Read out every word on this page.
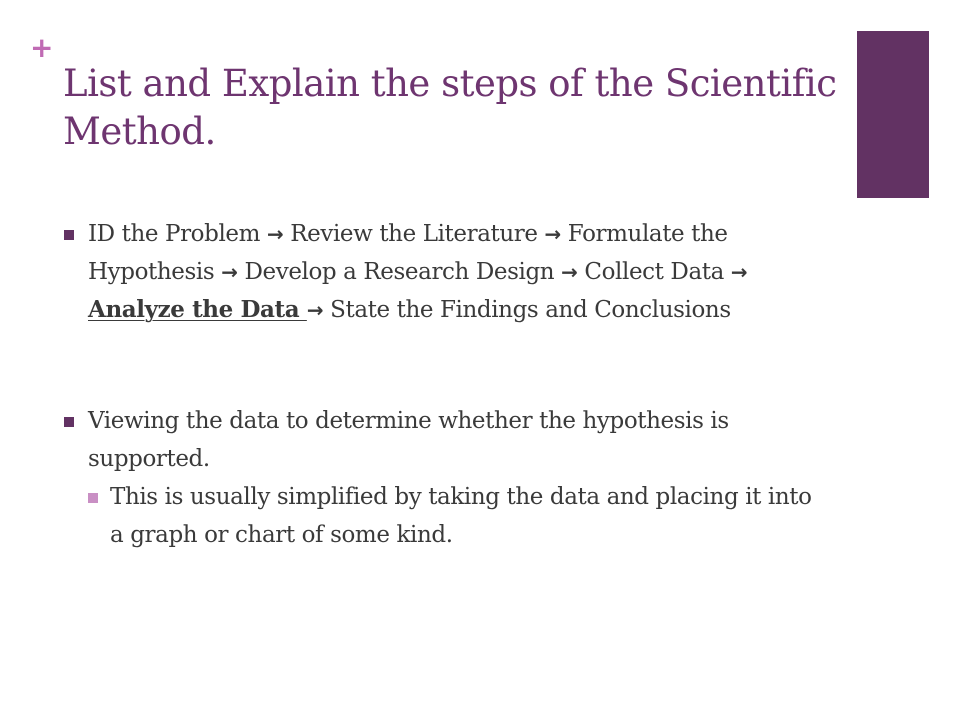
+
List and Explain the steps of the Scientific Method.
ID the Problem → Review the Literature → Formulate the Hypothesis → Develop a Research Design → Collect Data → Analyze the Data → State the Findings and Conclusions
Viewing the data to determine whether the hypothesis is supported.
This is usually simplified by taking the data and placing it into a graph or chart of some kind.
